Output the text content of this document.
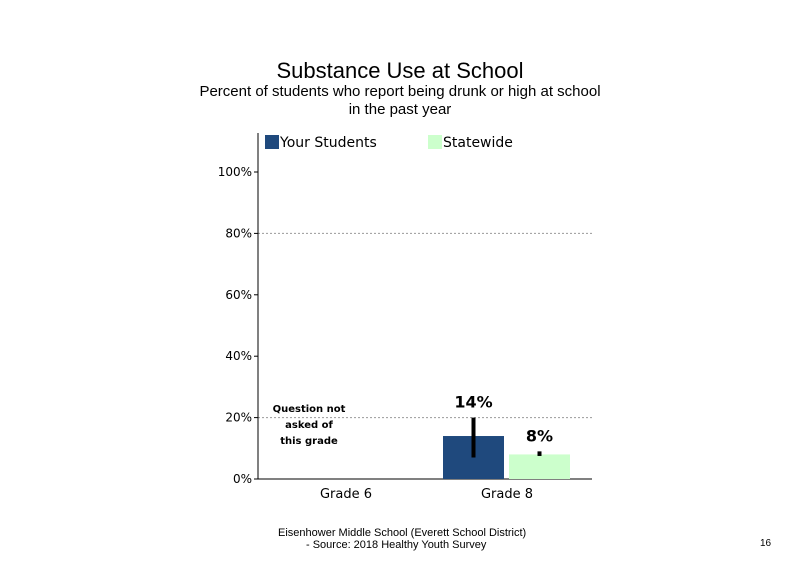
Substance Use at School
Percent of students who report being drunk or high at school
in the past year
0%
20%
40%
60%
80%
100%
Grade 6	Grade 8
14%
8%
Your Students	Statewide
Question not
asked of
this grade
Eisenhower Middle School (Everett School District)
- Source: 2018 Healthy Youth Survey	16
